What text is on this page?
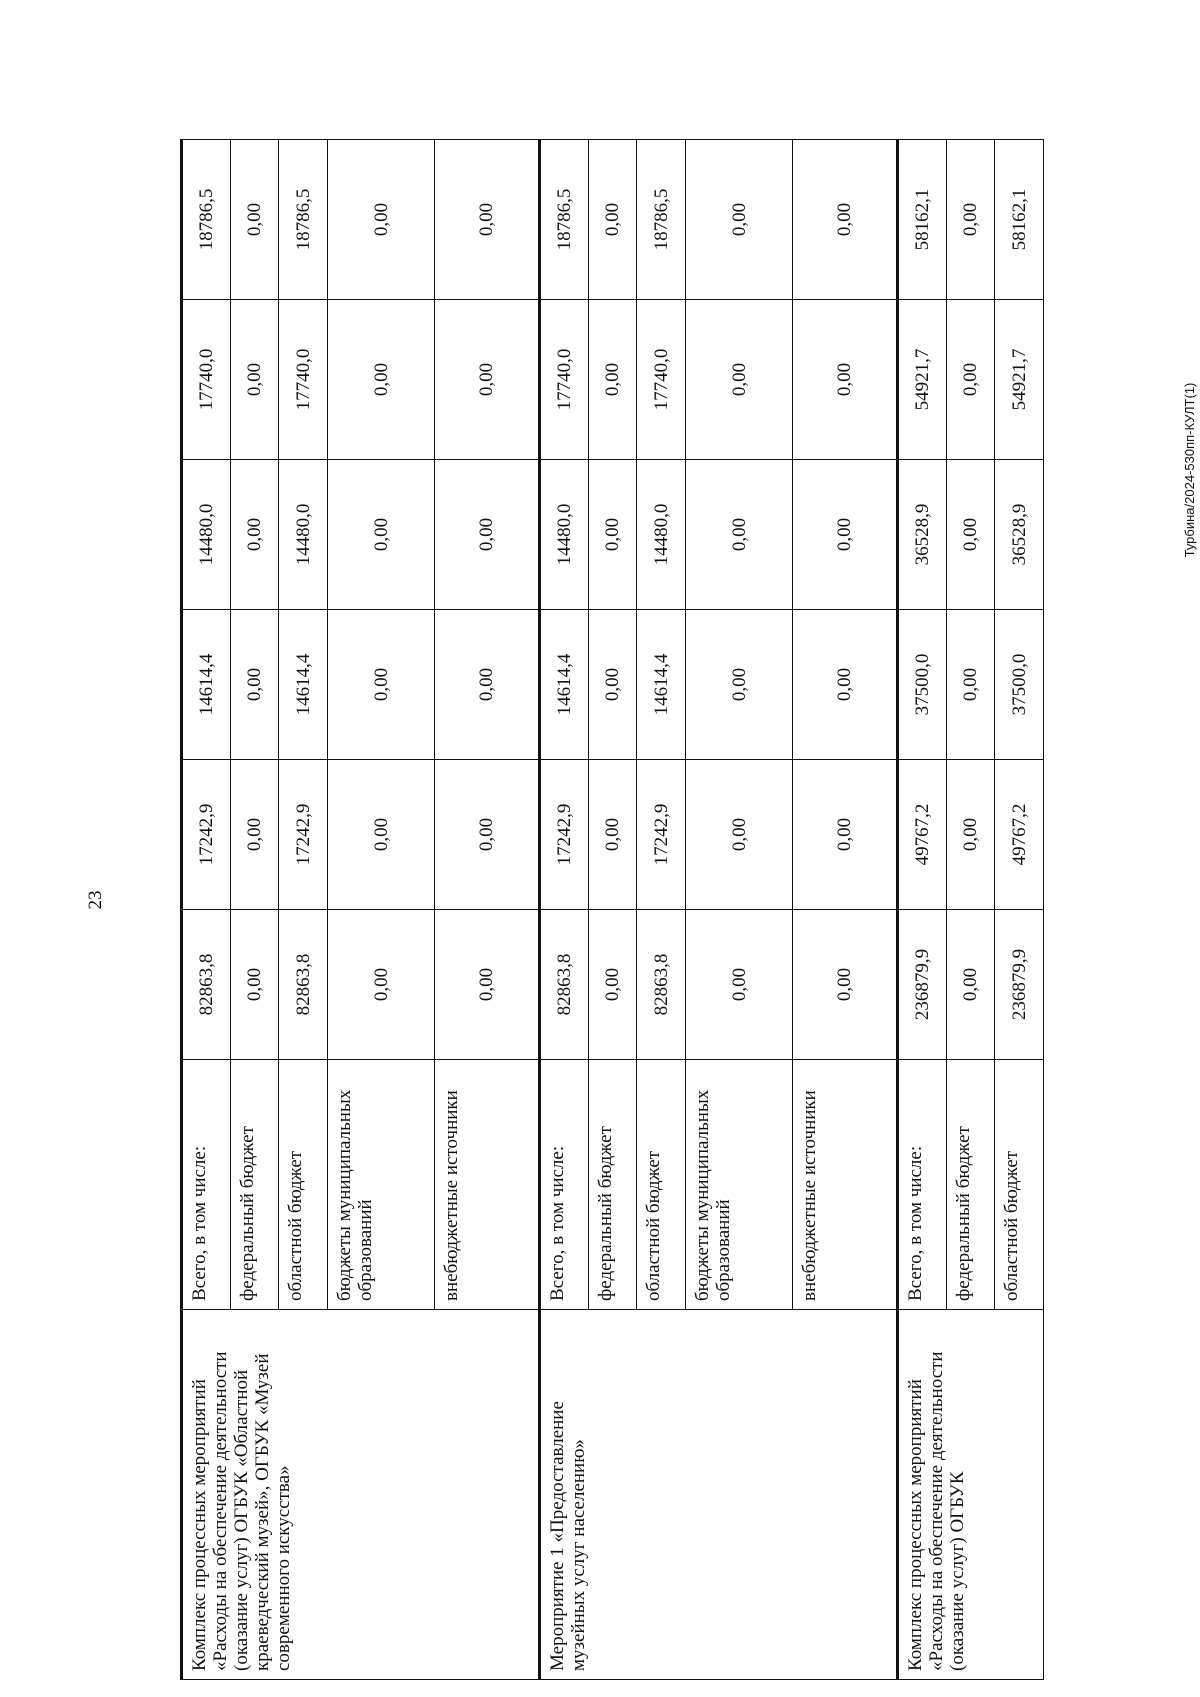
23
Комплекс процессных мероприятий «Расходы на обеспечение деятельности (оказание услуг) ОГБУК «Областной краеведческий музей», ОГБУК «Музей современного искусства»	Всего, в том числе:	82863,8	17242,9	14614,4	14480,0	17740,0	18786,5
	федеральный бюджет	0,00	0,00	0,00	0,00	0,00	0,00
	областной бюджет	82863,8	17242,9	14614,4	14480,0	17740,0	18786,5
	бюджеты муниципальных образований	0,00	0,00	0,00	0,00	0,00	0,00
	внебюджетные источники	0,00	0,00	0,00	0,00	0,00	0,00
Мероприятие 1 «Предоставление музейных услуг населению»	Всего, в том числе:	82863,8	17242,9	14614,4	14480,0	17740,0	18786,5
	федеральный бюджет	0,00	0,00	0,00	0,00	0,00	0,00
	областной бюджет	82863,8	17242,9	14614,4	14480,0	17740,0	18786,5
	бюджеты муниципальных образований	0,00	0,00	0,00	0,00	0,00	0,00
	внебюджетные источники	0,00	0,00	0,00	0,00	0,00	0,00
Комплекс процессных мероприятий «Расходы на обеспечение деятельности (оказание услуг) ОГБУК	Всего, в том числе:	236879,9	49767,2	37500,0	36528,9	54921,7	58162,1
	федеральный бюджет	0,00	0,00	0,00	0,00	0,00	0,00
	областной бюджет	236879,9	49767,2	37500,0	36528,9	54921,7	58162,1
Турбина/2024-530пп-КУЛТ(1)
